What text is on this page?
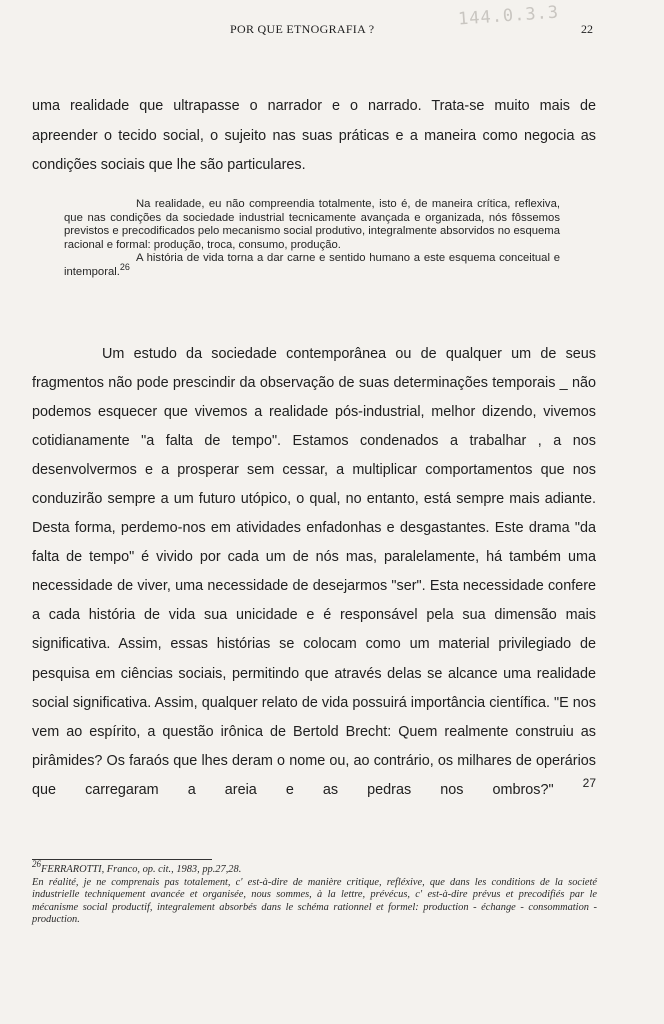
144.0.3.3
POR QUE ETNOGRAFIA ?	22
uma realidade que ultrapasse o narrador e o narrado. Trata-se muito mais de
apreender o tecido social, o sujeito nas suas práticas e a maneira como negocia as
condições sociais que lhe são particulares.

Na realidade, eu não compreendia totalmente, isto é, de maneira crítica, reflexiva, que nas condições da sociedade industrial tecnicamente avançada e organizada, nós fôssemos previstos e precodificados pelo mecanismo social produtivo, integralmente absorvidos no esquema racional e formal: produção, troca, consumo, produção.

A história de vida torna a dar carne e sentido humano a este esquema conceitual e intemporal.$^{26}$

Um estudo da sociedade contemporânea ou de qualquer um de seus fragmentos não pode prescindir da observação de suas determinações temporais _ não podemos esquecer que vivemos a realidade pós-industrial, melhor dizendo, vivemos cotidianamente "a falta de tempo". Estamos condenados a trabalhar , a nos desenvolvermos e a prosperar sem cessar, a multiplicar comportamentos que nos conduzirão sempre a um futuro utópico, o qual, no entanto, está sempre mais adiante. Desta forma, perdemo-nos em atividades enfadonhas e desgastantes. Este drama "da falta de tempo" é vivido por cada um de nós mas, paralelamente, há também uma necessidade de viver, uma necessidade de desejarmos "ser". Esta necessidade confere a cada história de vida sua unicidade e é responsável pela sua dimensão mais significativa. Assim, essas histórias se colocam como um material privilegiado de pesquisa em ciências sociais, permitindo que através delas se alcance uma realidade social significativa. Assim, qualquer relato de vida possuirá importância científica. "E nos vem ao espírito, a questão irônica de Bertold Brecht: Quem realmente construiu as pirâmides? Os faraós que lhes deram o nome ou, ao contrário, os milhares de operários que carregaram a areia e as pedras nos ombros?" $^{27}$

$^{26}$FERRAROTTI, Franco, op. cit., 1983, pp.27,28.

En réalité, je ne comprenais pas totalement, c' est-à-dire de manière critique, refléxive, que dans les conditions de la societé industrielle techniquement avancée et organisée, nous sommes, à la lettre, prévécus, c' est-à-dire prévus et precodifiés par le mécanisme social productif, integralement absorbés dans le schéma rationnel et formel: production - échange - consommation - production.
